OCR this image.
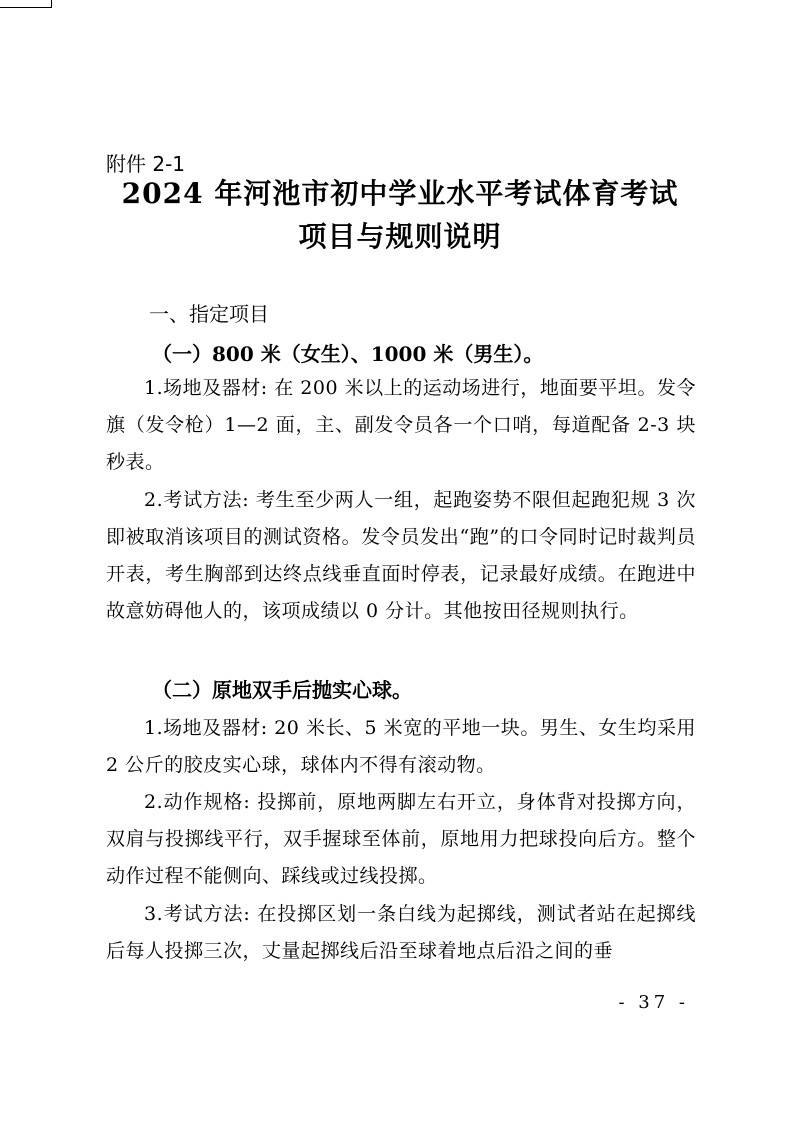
附件 2-1
2024 年河池市初中学业水平考试体育考试
项目与规则说明
一、指定项目
（一）800 米（女生）、1000 米（男生）。
1.场地及器材: 在 200 米以上的运动场进行，地面要平坦。发令旗（发令枪）1—2 面，主、副发令员各一个口哨，每道配备 2-3 块秒表。
2.考试方法: 考生至少两人一组，起跑姿势不限但起跑犯规 3 次即被取消该项目的测试资格。发令员发出“跑”的口令同时记时裁判员开表，考生胸部到达终点线垂直面时停表，记录最好成绩。在跑进中故意妨碍他人的，该项成绩以 0 分计。其他按田径规则执行。
（二）原地双手后抛实心球。
1.场地及器材: 20 米长、5 米宽的平地一块。男生、女生均采用 2 公斤的胶皮实心球，球体内不得有滚动物。
2.动作规格: 投掷前，原地两脚左右开立，身体背对投掷方向，双肩与投掷线平行，双手握球至体前，原地用力把球投向后方。整个动作过程不能侧向、踩线或过线投掷。
3.考试方法: 在投掷区划一条白线为起掷线，测试者站在起掷线后每人投掷三次，丈量起掷线后沿至球着地点后沿之间的垂
- 37 -
